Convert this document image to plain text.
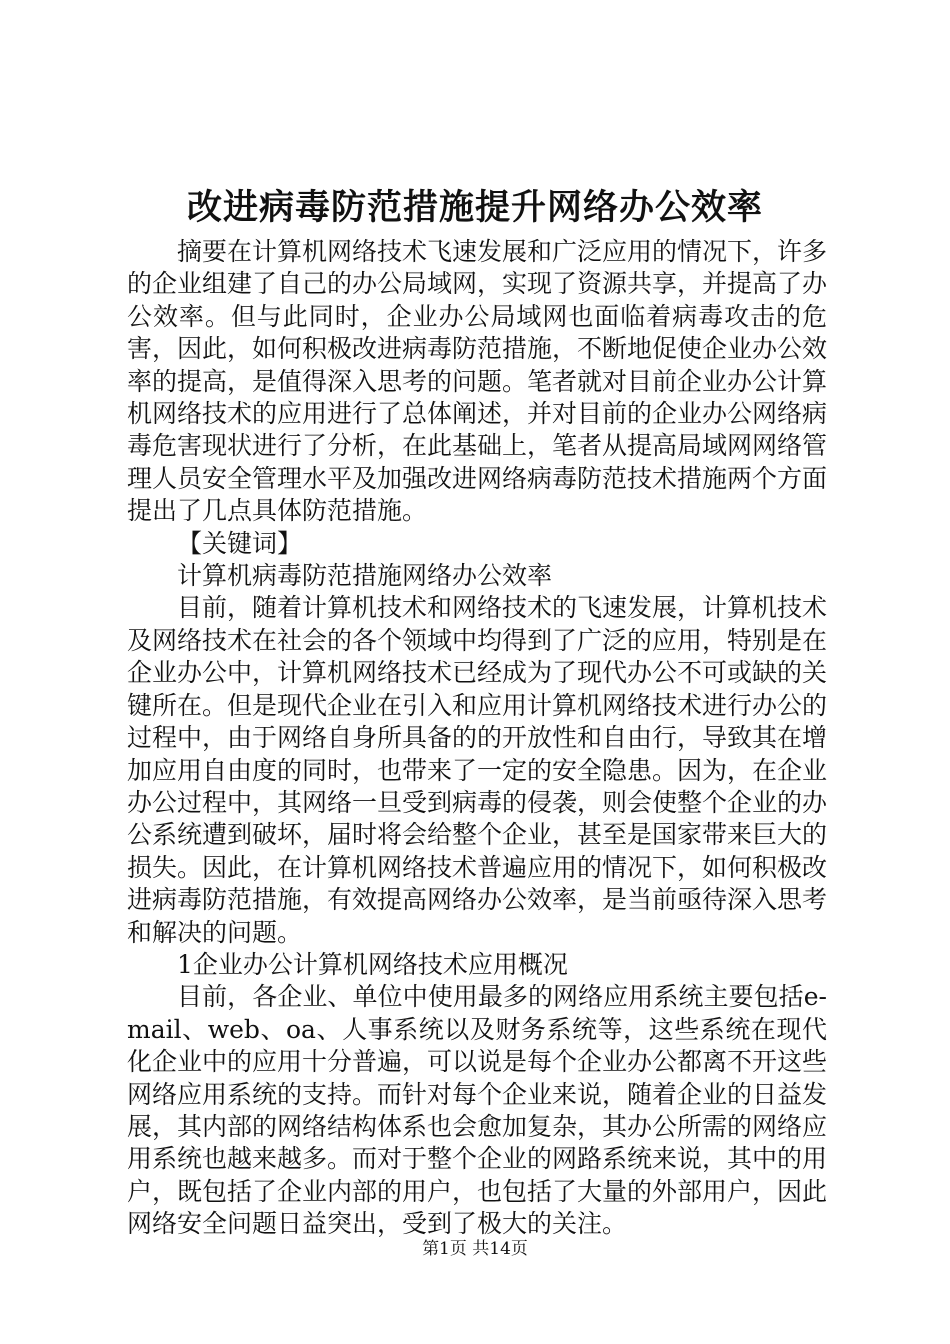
改进病毒防范措施提升网络办公效率

摘要在计算机网络技术飞速发展和广泛应用的情况下，许多的企业组建了自己的办公局域网，实现了资源共享，并提高了办公效率。但与此同时，企业办公局域网也面临着病毒攻击的危害，因此，如何积极改进病毒防范措施，不断地促使企业办公效率的提高，是值得深入思考的问题。笔者就对目前企业办公计算机网络技术的应用进行了总体阐述，并对目前的企业办公网络病毒危害现状进行了分析，在此基础上，笔者从提高局域网网络管理人员安全管理水平及加强改进网络病毒防范技术措施两个方面提出了几点具体防范措施。

【关键词】

计算机病毒防范措施网络办公效率

目前，随着计算机技术和网络技术的飞速发展，计算机技术及网络技术在社会的各个领域中均得到了广泛的应用，特别是在企业办公中，计算机网络技术已经成为了现代办公不可或缺的关键所在。但是现代企业在引入和应用计算机网络技术进行办公的过程中，由于网络自身所具备的的开放性和自由行，导致其在增加应用自由度的同时，也带来了一定的安全隐患。因为，在企业办公过程中，其网络一旦受到病毒的侵袭，则会使整个企业的办公系统遭到破坏，届时将会给整个企业，甚至是国家带来巨大的损失。因此，在计算机网络技术普遍应用的情况下，如何积极改进病毒防范措施，有效提高网络办公效率，是当前亟待深入思考和解决的问题。

1企业办公计算机网络技术应用概况

目前，各企业、单位中使用最多的网络应用系统主要包括e-mail、web、oa、人事系统以及财务系统等，这些系统在现代化企业中的应用十分普遍，可以说是每个企业办公都离不开这些网络应用系统的支持。而针对每个企业来说，随着企业的日益发展，其内部的网络结构体系也会愈加复杂，其办公所需的网络应用系统也越来越多。而对于整个企业的网路系统来说，其中的用户，既包括了企业内部的用户，也包括了大量的外部用户，因此网络安全问题日益突出，受到了极大的关注。

第1页 共14页
